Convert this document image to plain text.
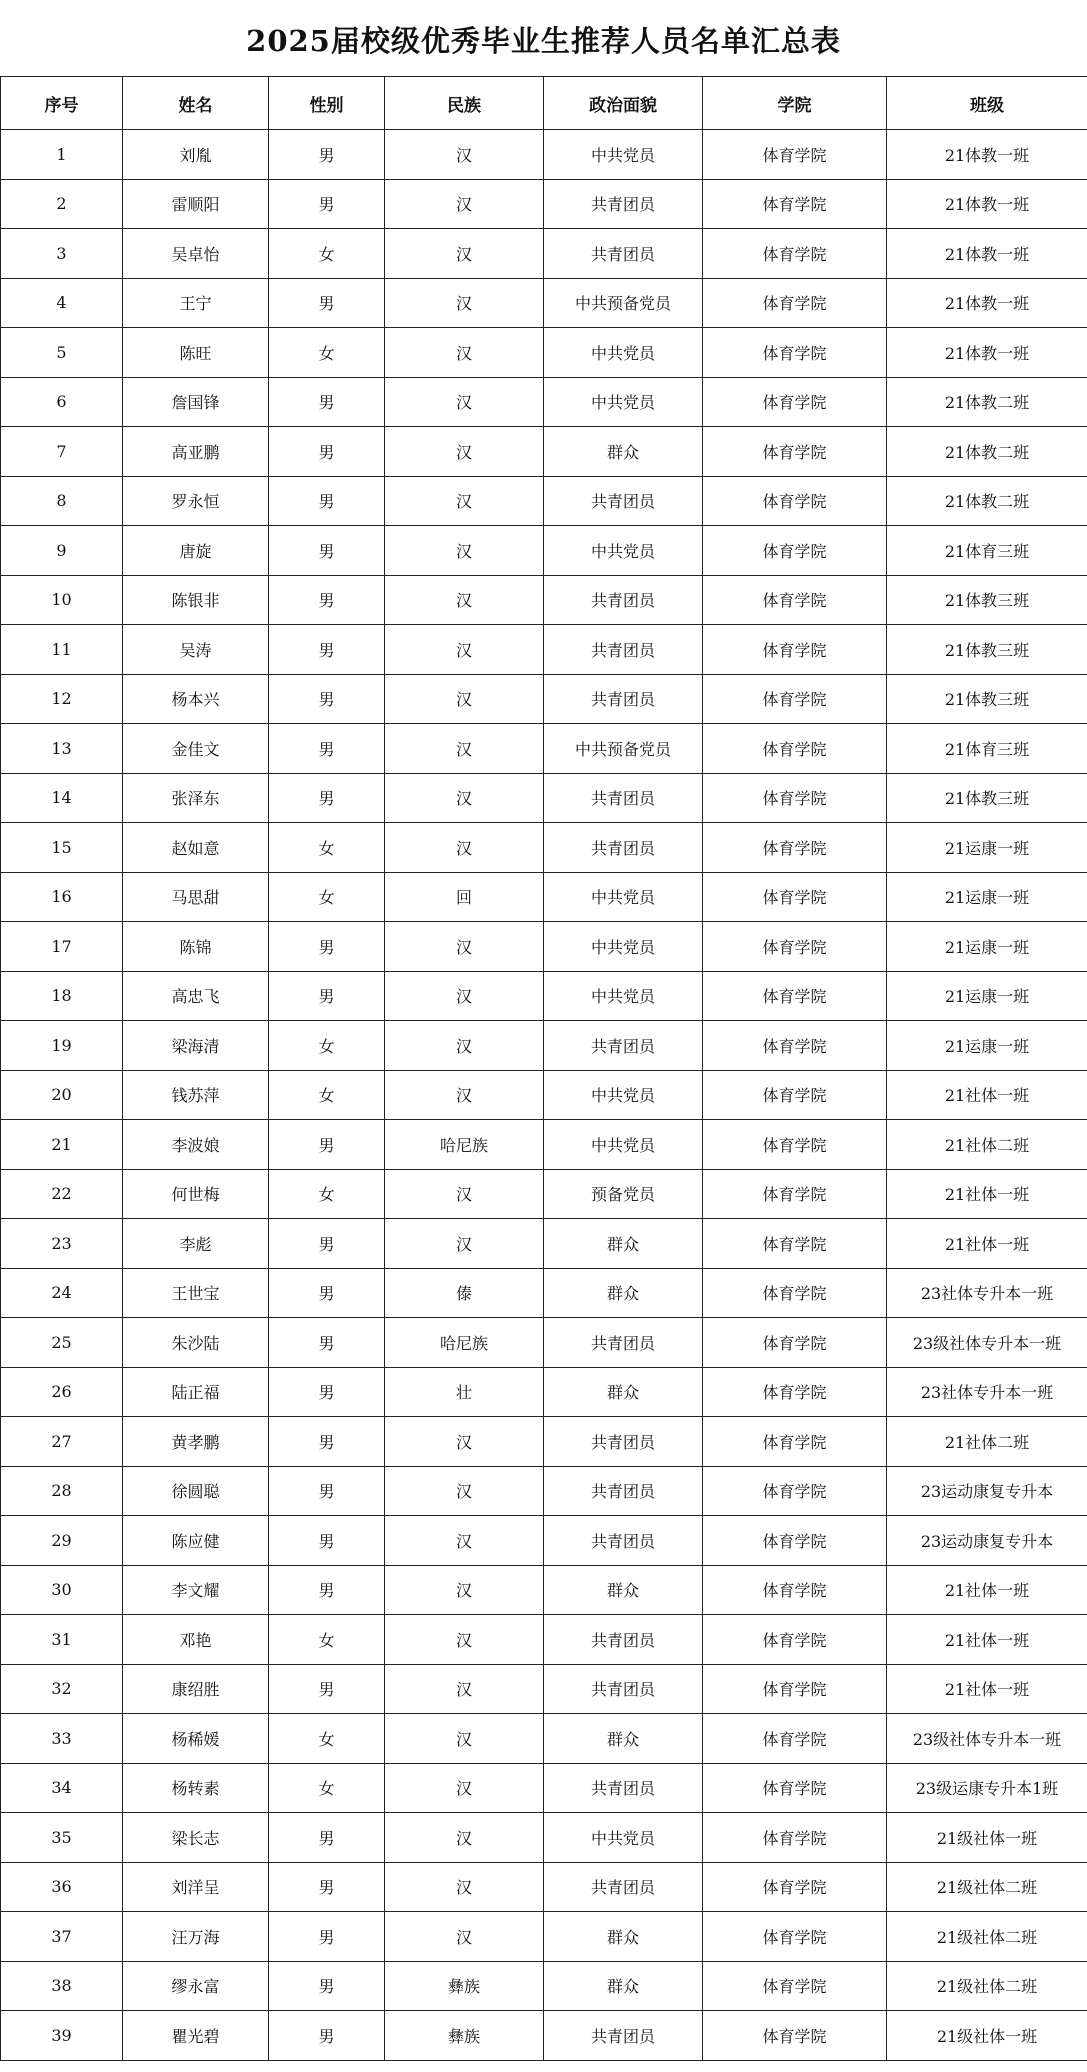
2025届校级优秀毕业生推荐人员名单汇总表
序号	姓名	性别	民族	政治面貌	学院	班级
1	刘胤	男	汉	中共党员	体育学院	21体教一班
2	雷顺阳	男	汉	共青团员	体育学院	21体教一班
3	吴卓怡	女	汉	共青团员	体育学院	21体教一班
4	王宁	男	汉	中共预备党员	体育学院	21体教一班
5	陈旺	女	汉	中共党员	体育学院	21体教一班
6	詹国锋	男	汉	中共党员	体育学院	21体教二班
7	高亚鹏	男	汉	群众	体育学院	21体教二班
8	罗永恒	男	汉	共青团员	体育学院	21体教二班
9	唐旋	男	汉	中共党员	体育学院	21体育三班
10	陈银非	男	汉	共青团员	体育学院	21体教三班
11	吴涛	男	汉	共青团员	体育学院	21体教三班
12	杨本兴	男	汉	共青团员	体育学院	21体教三班
13	金佳文	男	汉	中共预备党员	体育学院	21体育三班
14	张泽东	男	汉	共青团员	体育学院	21体教三班
15	赵如意	女	汉	共青团员	体育学院	21运康一班
16	马思甜	女	回	中共党员	体育学院	21运康一班
17	陈锦	男	汉	中共党员	体育学院	21运康一班
18	高忠飞	男	汉	中共党员	体育学院	21运康一班
19	梁海清	女	汉	共青团员	体育学院	21运康一班
20	钱苏萍	女	汉	中共党员	体育学院	21社体一班
21	李波娘	男	哈尼族	中共党员	体育学院	21社体二班
22	何世梅	女	汉	预备党员	体育学院	21社体一班
23	李彪	男	汉	群众	体育学院	21社体一班
24	王世宝	男	傣	群众	体育学院	23社体专升本一班
25	朱沙陆	男	哈尼族	共青团员	体育学院	23级社体专升本一班
26	陆正福	男	壮	群众	体育学院	23社体专升本一班
27	黄孝鹏	男	汉	共青团员	体育学院	21社体二班
28	徐圆聪	男	汉	共青团员	体育学院	23运动康复专升本
29	陈应健	男	汉	共青团员	体育学院	23运动康复专升本
30	李文耀	男	汉	群众	体育学院	21社体一班
31	邓艳	女	汉	共青团员	体育学院	21社体一班
32	康绍胜	男	汉	共青团员	体育学院	21社体一班
33	杨稀媛	女	汉	群众	体育学院	23级社体专升本一班
34	杨转素	女	汉	共青团员	体育学院	23级运康专升本1班
35	梁长志	男	汉	中共党员	体育学院	21级社体一班
36	刘洋呈	男	汉	共青团员	体育学院	21级社体二班
37	汪万海	男	汉	群众	体育学院	21级社体二班
38	缪永富	男	彝族	群众	体育学院	21级社体二班
39	瞿光碧	男	彝族	共青团员	体育学院	21级社体一班
